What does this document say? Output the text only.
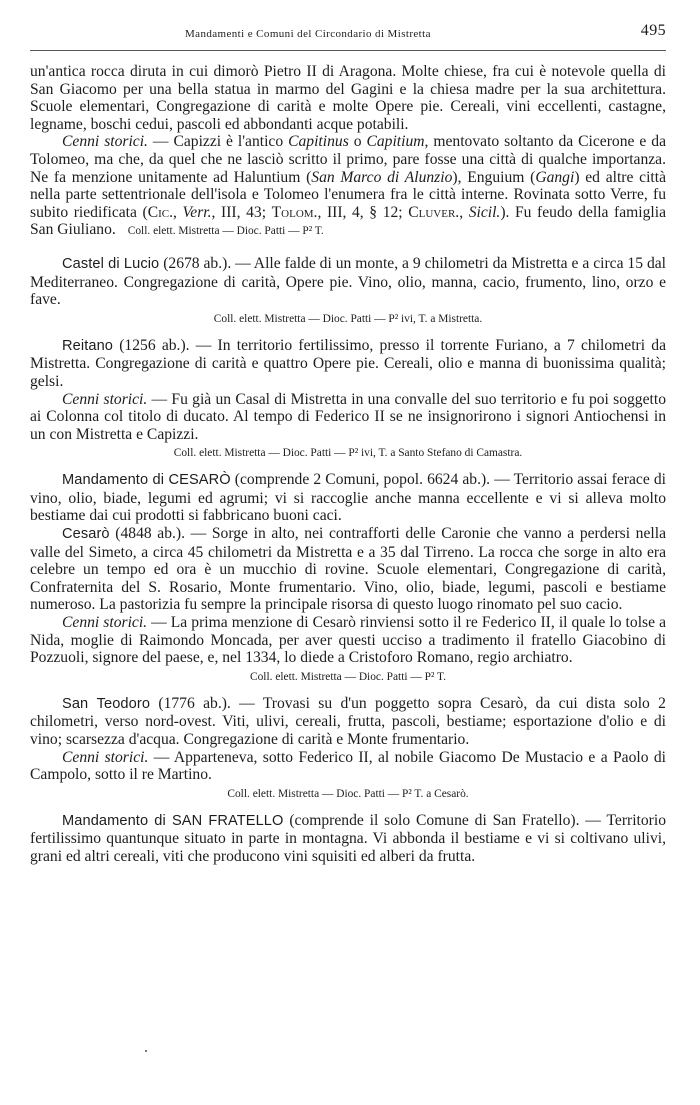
Mandamenti e Comuni del Circondario di Mistretta	495

un'antica rocca diruta in cui dimorò Pietro II di Aragona. Molte chiese, fra cui è notevole quella di San Giacomo per una bella statua in marmo del Gagini e la chiesa madre per la sua architettura. Scuole elementari, Congregazione di carità e molte Opere pie. Cereali, vini eccellenti, castagne, legname, boschi cedui, pascoli ed abbondanti acque potabili.

Cenni storici. — Capizzi è l'antico Capitinus o Capitium, mentovato soltanto da Cicerone e da Tolomeo, ma che, da quel che ne lasciò scritto il primo, pare fosse una città di qualche importanza. Ne fa menzione unitamente ad Haluntium (San Marco di Alunzio), Enguium (Gangi) ed altre città nella parte settentrionale dell'isola e Tolomeo l'enumera fra le città interne. Rovinata sotto Verre, fu subito riedificata (Cic., Verr., III, 43; Tolom., III, 4, § 12; Cluver., Sicil.). Fu feudo della famiglia San Giuliano. Coll. elett. Mistretta — Dioc. Patti — P² T.

Castel di Lucio (2678 ab.). — Alle falde di un monte, a 9 chilometri da Mistretta e a circa 15 dal Mediterraneo. Congregazione di carità, Opere pie. Vino, olio, manna, cacio, frumento, lino, orzo e fave.

Coll. elett. Mistretta — Dioc. Patti — P² ivi, T. a Mistretta.

Reitano (1256 ab.). — In territorio fertilissimo, presso il torrente Furiano, a 7 chilometri da Mistretta. Congregazione di carità e quattro Opere pie. Cereali, olio e manna di buonissima qualità; gelsi.

Cenni storici. — Fu già un Casal di Mistretta in una convalle del suo territorio e fu poi soggetto ai Colonna col titolo di ducato. Al tempo di Federico II se ne insignorirono i signori Antiochensi in un con Mistretta e Capizzi.

Coll. elett. Mistretta — Dioc. Patti — P² ivi, T. a Santo Stefano di Camastra.

Mandamento di CESARÒ (comprende 2 Comuni, popol. 6624 ab.). — Territorio assai ferace di vino, olio, biade, legumi ed agrumi; vi si raccoglie anche manna eccellente e vi si alleva molto bestiame dai cui prodotti si fabbricano buoni caci.

Cesarò (4848 ab.). — Sorge in alto, nei contrafforti delle Caronie che vanno a perdersi nella valle del Simeto, a circa 45 chilometri da Mistretta e a 35 dal Tirreno. La rocca che sorge in alto era celebre un tempo ed ora è un mucchio di rovine. Scuole elementari, Congregazione di carità, Confraternita del S. Rosario, Monte frumentario. Vino, olio, biade, legumi, pascoli e bestiame numeroso. La pastorizia fu sempre la principale risorsa di questo luogo rinomato pel suo cacio.

Cenni storici. — La prima menzione di Cesarò rinviensi sotto il re Federico II, il quale lo tolse a Nida, moglie di Raimondo Moncada, per aver questi ucciso a tradimento il fratello Giacobino di Pozzuoli, signore del paese, e, nel 1334, lo diede a Cristoforo Romano, regio archiatro.

Coll. elett. Mistretta — Dioc. Patti — P² T.

San Teodoro (1776 ab.). — Trovasi su d'un poggetto sopra Cesarò, da cui dista solo 2 chilometri, verso nord-ovest. Viti, ulivi, cereali, frutta, pascoli, bestiame; esportazione d'olio e di vino; scarsezza d'acqua. Congregazione di carità e Monte frumentario.

Cenni storici. — Apparteneva, sotto Federico II, al nobile Giacomo De Mustacio e a Paolo di Campolo, sotto il re Martino.

Coll. elett. Mistretta — Dioc. Patti — P² T. a Cesarò.

Mandamento di SAN FRATELLO (comprende il solo Comune di San Fratello). — Territorio fertilissimo quantunque situato in parte in montagna. Vi abbonda il bestiame e vi si coltivano ulivi, grani ed altri cereali, viti che producono vini squisiti ed alberi da frutta.
